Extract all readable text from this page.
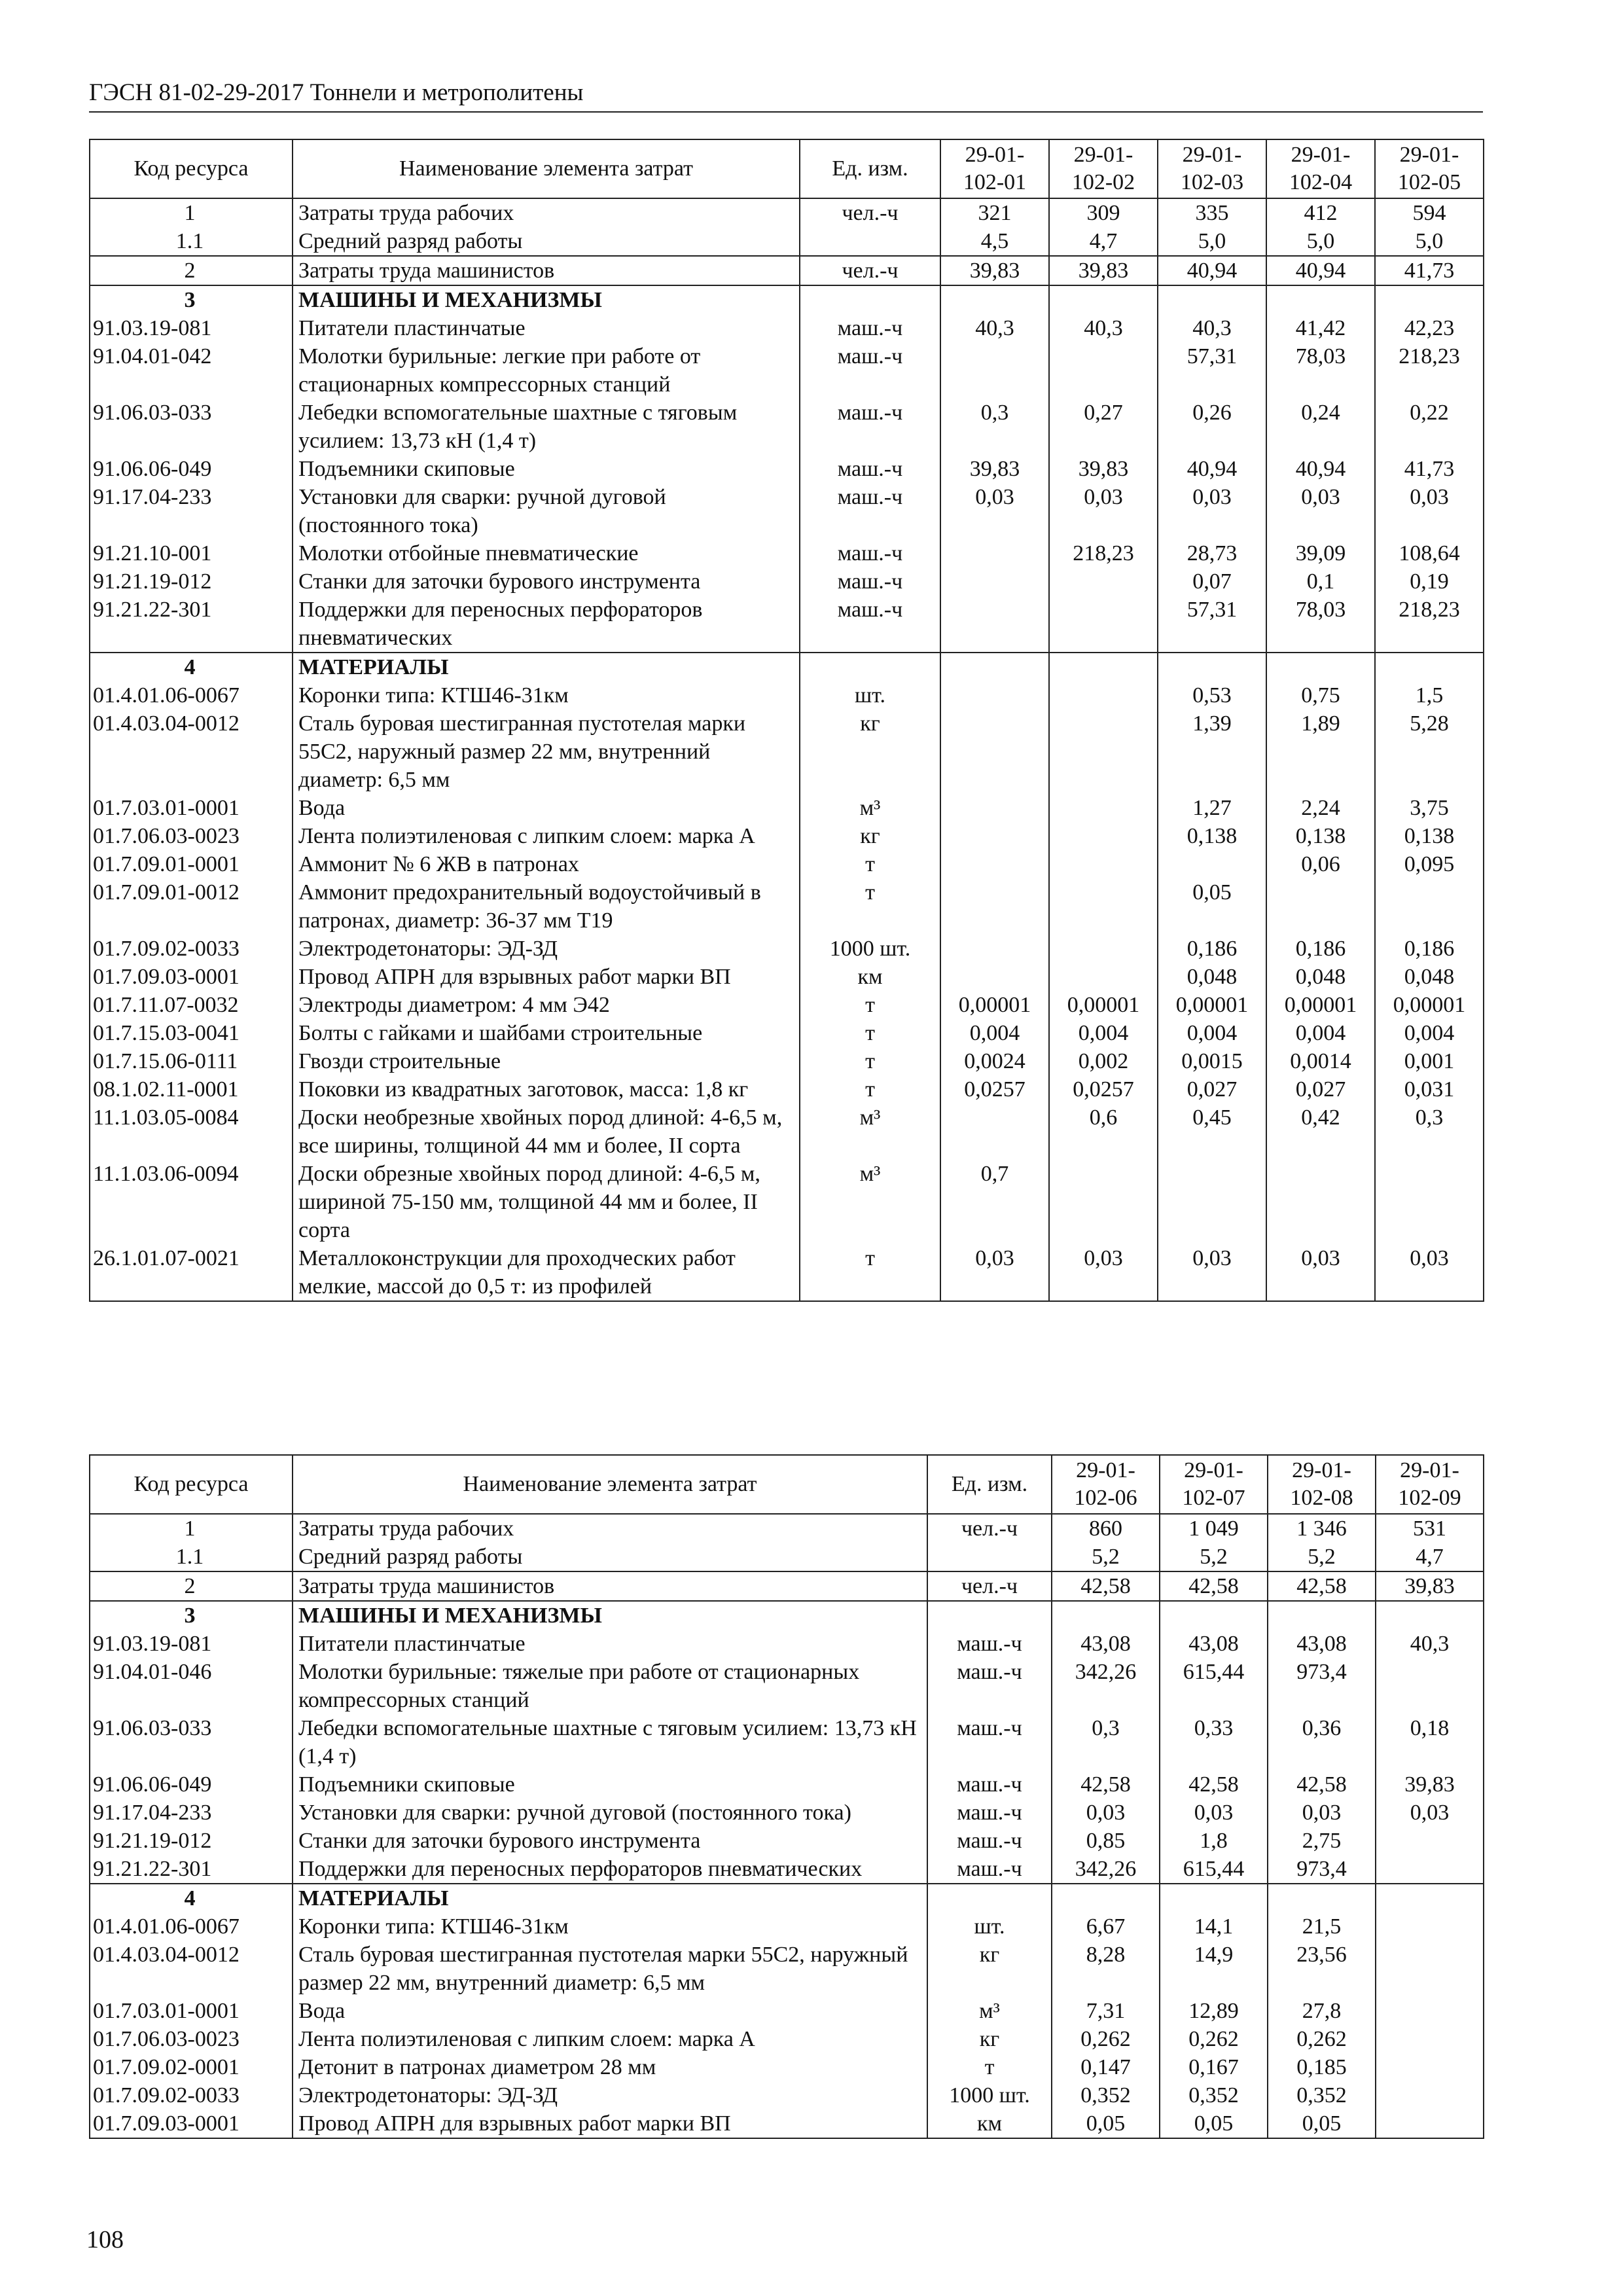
ГЭСН 81-02-29-2017 Тоннели и метрополитены
Код ресурса	Наименование элемента затрат	Ед. изм.	29-01- 102-01	29-01- 102-02	29-01- 102-03	29-01- 102-04	29-01- 102-05
1	Затраты труда рабочих	чел.-ч	321	309	335	412	594
1.1	Средний разряд работы		4,5	4,7	5,0	5,0	5,0
2	Затраты труда машинистов	чел.-ч	39,83	39,83	40,94	40,94	41,73
3	МАШИНЫ И МЕХАНИЗМЫ						
91.03.19-081	Питатели пластинчатые	маш.-ч	40,3	40,3	40,3	41,42	42,23
91.04.01-042	Молотки бурильные: легкие при работе от стационарных компрессорных станций	маш.-ч			57,31	78,03	218,23
91.06.03-033	Лебедки вспомогательные шахтные с тяговым усилием: 13,73 кН (1,4 т)	маш.-ч	0,3	0,27	0,26	0,24	0,22
91.06.06-049	Подъемники скиповые	маш.-ч	39,83	39,83	40,94	40,94	41,73
91.17.04-233	Установки для сварки: ручной дуговой (постоянного тока)	маш.-ч	0,03	0,03	0,03	0,03	0,03
91.21.10-001	Молотки отбойные пневматические	маш.-ч		218,23	28,73	39,09	108,64
91.21.19-012	Станки для заточки бурового инструмента	маш.-ч			0,07	0,1	0,19
91.21.22-301	Поддержки для переносных перфораторов пневматических	маш.-ч			57,31	78,03	218,23
4	МАТЕРИАЛЫ						
01.4.01.06-0067	Коронки типа: КТШ46-31км	шт.			0,53	0,75	1,5
01.4.03.04-0012	Сталь буровая шестигранная пустотелая марки 55С2, наружный размер 22 мм, внутренний диаметр: 6,5 мм	кг			1,39	1,89	5,28
01.7.03.01-0001	Вода	м³			1,27	2,24	3,75
01.7.06.03-0023	Лента полиэтиленовая с липким слоем: марка А	кг			0,138	0,138	0,138
01.7.09.01-0001	Аммонит № 6 ЖВ в патронах	т				0,06	0,095
01.7.09.01-0012	Аммонит предохранительный водоустойчивый в патронах, диаметр: 36-37 мм Т19	т			0,05		
01.7.09.02-0033	Электродетонаторы: ЭД-ЗД	1000 шт.			0,186	0,186	0,186
01.7.09.03-0001	Провод АПРН для взрывных работ марки ВП	км			0,048	0,048	0,048
01.7.11.07-0032	Электроды диаметром: 4 мм Э42	т	0,00001	0,00001	0,00001	0,00001	0,00001
01.7.15.03-0041	Болты с гайками и шайбами строительные	т	0,004	0,004	0,004	0,004	0,004
01.7.15.06-0111	Гвозди строительные	т	0,0024	0,002	0,0015	0,0014	0,001
08.1.02.11-0001	Поковки из квадратных заготовок, масса: 1,8 кг	т	0,0257	0,0257	0,027	0,027	0,031
11.1.03.05-0084	Доски необрезные хвойных пород длиной: 4-6,5 м, все ширины, толщиной 44 мм и более, II сорта	м³		0,6	0,45	0,42	0,3
11.1.03.06-0094	Доски обрезные хвойных пород длиной: 4-6,5 м, шириной 75-150 мм, толщиной 44 мм и более, II сорта	м³	0,7				
26.1.01.07-0021	Металлоконструкции для проходческих работ мелкие, массой до 0,5 т: из профилей	т	0,03	0,03	0,03	0,03	0,03
Код ресурса	Наименование элемента затрат	Ед. изм.	29-01- 102-06	29-01- 102-07	29-01- 102-08	29-01- 102-09
1	Затраты труда рабочих	чел.-ч	860	1 049	1 346	531
1.1	Средний разряд работы		5,2	5,2	5,2	4,7
2	Затраты труда машинистов	чел.-ч	42,58	42,58	42,58	39,83
3	МАШИНЫ И МЕХАНИЗМЫ					
91.03.19-081	Питатели пластинчатые	маш.-ч	43,08	43,08	43,08	40,3
91.04.01-046	Молотки бурильные: тяжелые при работе от стационарных компрессорных станций	маш.-ч	342,26	615,44	973,4	
91.06.03-033	Лебедки вспомогательные шахтные с тяговым усилием: 13,73 кН (1,4 т)	маш.-ч	0,3	0,33	0,36	0,18
91.06.06-049	Подъемники скиповые	маш.-ч	42,58	42,58	42,58	39,83
91.17.04-233	Установки для сварки: ручной дуговой (постоянного тока)	маш.-ч	0,03	0,03	0,03	0,03
91.21.19-012	Станки для заточки бурового инструмента	маш.-ч	0,85	1,8	2,75	
91.21.22-301	Поддержки для переносных перфораторов пневматических	маш.-ч	342,26	615,44	973,4	
4	МАТЕРИАЛЫ					
01.4.01.06-0067	Коронки типа: КТШ46-31км	шт.	6,67	14,1	21,5	
01.4.03.04-0012	Сталь буровая шестигранная пустотелая марки 55С2, наружный размер 22 мм, внутренний диаметр: 6,5 мм	кг	8,28	14,9	23,56	
01.7.03.01-0001	Вода	м³	7,31	12,89	27,8	
01.7.06.03-0023	Лента полиэтиленовая с липким слоем: марка А	кг	0,262	0,262	0,262	
01.7.09.02-0001	Детонит в патронах диаметром 28 мм	т	0,147	0,167	0,185	
01.7.09.02-0033	Электродетонаторы: ЭД-ЗД	1000 шт.	0,352	0,352	0,352	
01.7.09.03-0001	Провод АПРН для взрывных работ марки ВП	км	0,05	0,05	0,05	
108
